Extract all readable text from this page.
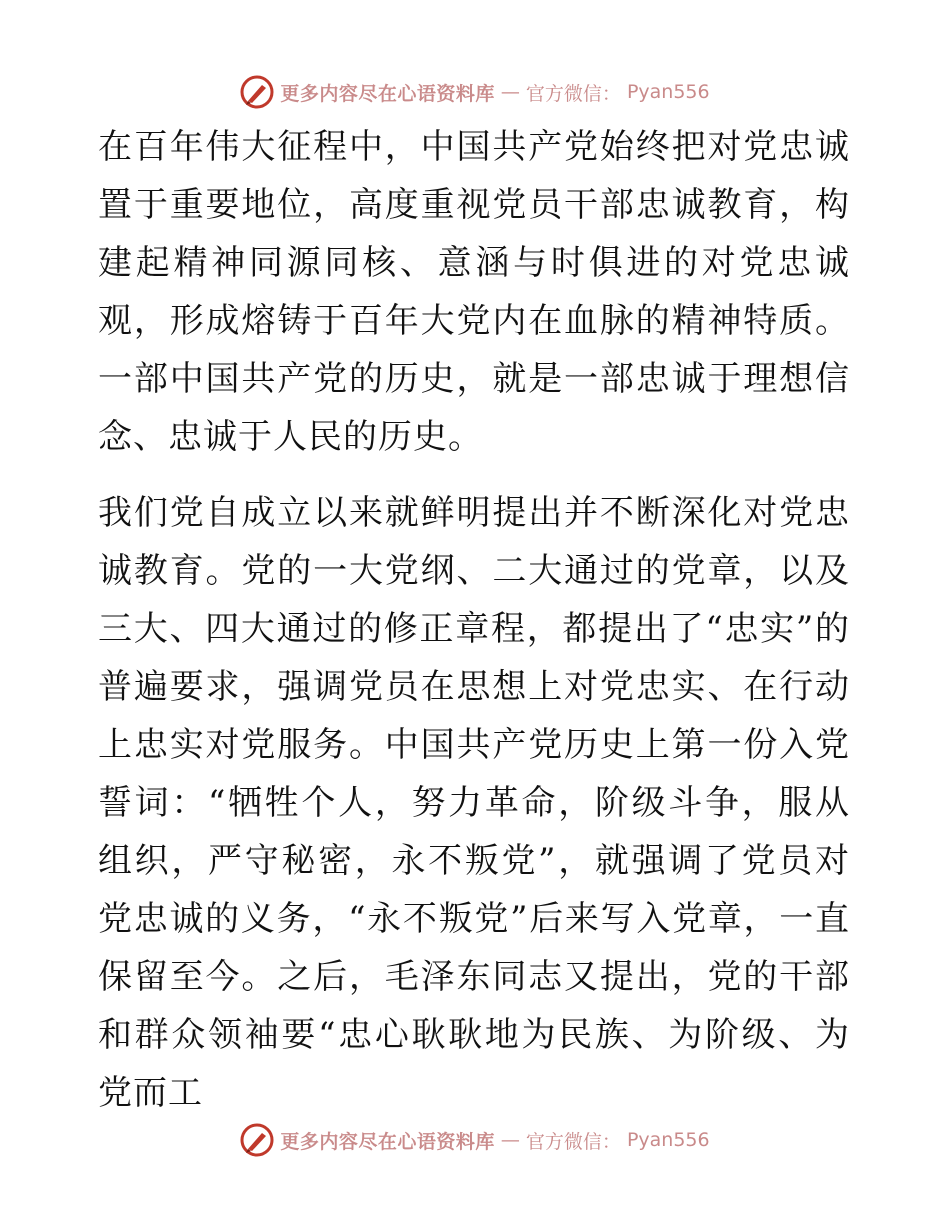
更多内容尽在心语资料库 — 官方微信： Pyan556

在百年伟大征程中，中国共产党始终把对党忠诚置于重要地位，高度重视党员干部忠诚教育，构建起精神同源同核、意涵与时俱进的对党忠诚观，形成熔铸于百年大党内在血脉的精神特质。一部中国共产党的历史，就是一部忠诚于理想信念、忠诚于人民的历史。

我们党自成立以来就鲜明提出并不断深化对党忠诚教育。党的一大党纲、二大通过的党章，以及三大、四大通过的修正章程，都提出了“忠实”的普遍要求，强调党员在思想上对党忠实、在行动上忠实对党服务。中国共产党历史上第一份入党誓词：“牺牲个人，努力革命，阶级斗争，服从组织，严守秘密，永不叛党”，就强调了党员对党忠诚的义务，“永不叛党”后来写入党章，一直保留至今。之后，毛泽东同志又提出，党的干部和群众领袖要“忠心耿耿地为民族、为阶级、为党而工

更多内容尽在心语资料库 — 官方微信： Pyan556
